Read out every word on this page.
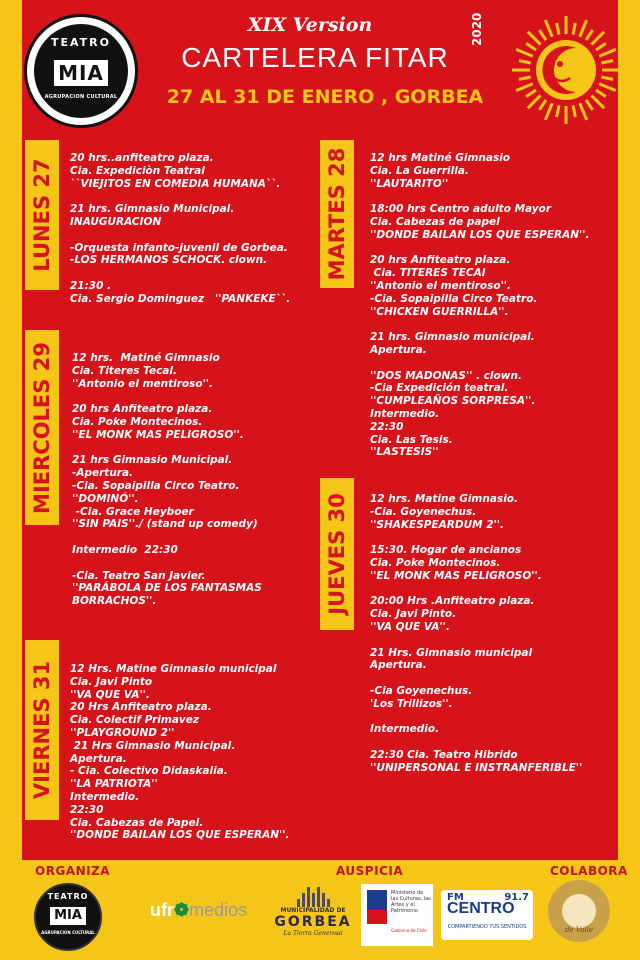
TEATRO
MIA
AGRUPACION CULTURAL
XIX Version
CARTELERA FITAR
2020
27 AL 31 DE ENERO , GORBEA
LUNES 27	MARTES 28
MIERCOLES 29
JUEVES 30
VIERNES 31
20 hrs..anfiteatro plaza.
Cia. Expediciòn Teatral
``VIEJITOS EN COMEDIA HUMANA``.

21 hrs. Gimnasio Municipal.
INAUGURACION

-Orquesta infanto-juvenil de Gorbea.
-LOS HERMANOS SCHOCK. clown.

21:30 .
Cia. Sergio Dominguez   ''PANKEKE``.
12 hrs Matiné Gimnasio
Cia. La Guerrilla.
''LAUTARITO''

18:00 hrs Centro adulto Mayor
Cia. Cabezas de papel
''DONDE BAILAN LOS QUE ESPERAN''.

20 hrs Anfiteatro plaza.
Cia. TITERES TECAI
''Antonio el mentiroso''.
-Cia. Sopaipilla Circo Teatro.
''CHICKEN GUERRILLA''.

21 hrs. Gimnasio municipal.
Apertura.

''DOS MADONAS'' . clown.
-Cia Expedición teatral.
''CUMPLEAÑOS SORPRESA''.
Intermedio.
22:30
Cia. Las Tesis.
''LASTESIS''
12 hrs.  Matiné Gimnasio
Cia. Titeres Tecal.
''Antonio el mentiroso''.

20 hrs Anfiteatro plaza.
Cia. Poke Montecinos.
''EL MONK MAS PELIGROSO''.

21 hrs Gimnasio Municipal.
-Apertura.
-Cia. Sopaipilla Circo Teatro.
''DOMINÓ''.
-Cia. Grace Heyboer
''SIN PAIS''./ (stand up comedy)

Intermedio  22:30

-Cia. Teatro San Javier.
''PARÁBOLA DE LOS FANTASMAS
BORRACHOS''.
12 hrs. Matine Gimnasio.
-Cia. Goyenechus.
''SHAKESPEARDUM 2''.

15:30. Hogar de ancianos
Cia. Poke Montecinos.
''EL MONK MAS PELIGROSO''.

20:00 Hrs .Anfiteatro plaza.
Cia. Javi Pinto.
''VA QUE VA''.

21 Hrs. Gimnasio municipal
Apertura.

-Cia Goyenechus.
'Los Trillizos''.

Intermedio.

22:30 Cia. Teatro Hibrido
''UNIPERSONAL E INSTRANFERIBLE''
12 Hrs. Matine Gimnasio municipal
Cia. Javi Pinto
''VA QUE VA''.
20 Hrs Anfiteatro plaza.
Cia. Colectif Primavez
''PLAYGROUND 2''
21 Hrs Gimnasio Municipal.
Apertura.
- Cia. Colectivo Didaskalia.
''LA PATRIOTA''
Intermedio.
22:30
Cia. Cabezas de Papel.
''DONDE BAILAN LOS QUE ESPERAN''.
ORGANIZA	AUSPICIA	COLABORA
TEATRO
MIA
AGRUPACION CULTURAL
ufr❁medios	MUNICIPALIDAD DE
GORBEA
La Tierra Generosa
Ministerio de las Culturas, las Artes y el Patrimonio
Gobierno de Chile
FM	91.7
CENTRO
COMPARTIENDO TUS SENTIDOS	de Valle
